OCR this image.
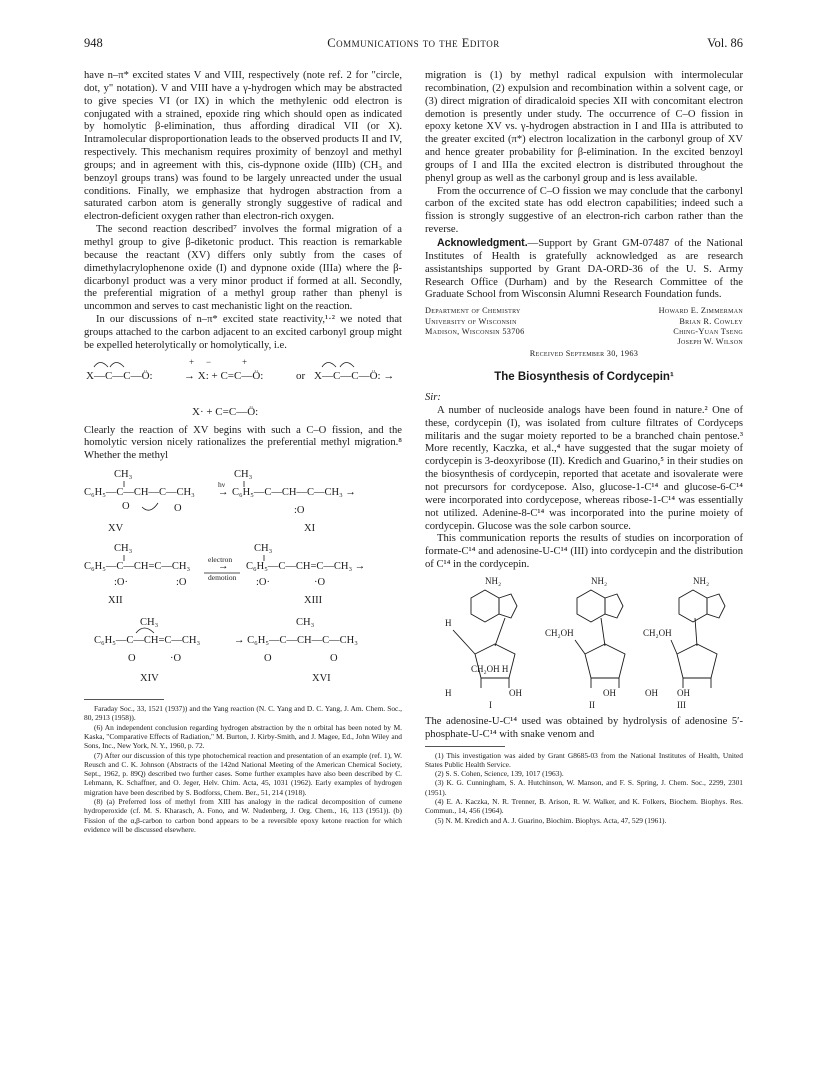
948	Communications to the Editor	Vol. 86

have n–π* excited states V and VIII, respectively (note ref. 2 for "circle, dot, y" notation). V and VIII have a γ-hydrogen which may be abstracted to give species VI (or IX) in which the methylenic odd electron is conjugated with a strained, epoxide ring which should open as indicated by homolytic β-elimination, thus affording diradical VII (or X). Intramolecular disproportionation leads to the observed products II and IV, respectively. This mechanism requires proximity of benzoyl and methyl groups; and in agreement with this, cis-dypnone oxide (IIIb) (CH₃ and benzoyl groups trans) was found to be largely unreacted under the usual conditions. Finally, we emphasize that hydrogen abstraction from a saturated carbon atom is generally strongly suggestive of radical and electron-deficient oxygen rather than electron-rich oxygen.

The second reaction described⁷ involves the formal migration of a methyl group to give β-diketonic product. This reaction is remarkable because the reactant (XV) differs only subtly from the cases of dimethylacrylophenone oxide (I) and dypnone oxide (IIIa) where the β-dicarbonyl product was a very minor product if formed at all. Secondly, the preferential migration of a methyl group rather than phenyl is uncommon and serves to cast mechanistic light on the reaction.

In our discussions of n–π* excited state reactivity,¹·² we noted that groups attached to the carbon adjacent to an excited carbonyl group might be expelled heterolytically or homolytically, i.e.

X—C—C—Ö:	→ X: + C=C—Ö:	or X—C—C—Ö: →
X· + C=C—Ö:
+ −	+

Clearly the reaction of XV begins with such a C–O fission, and the homolytic version nicely rationalizes the preferential methyl migration.⁸ Whether the methyl

CH₃
C₆H₅—C—CH—C—CH₃
O	O
→
CH₃
C₆H₅—C—CH—C—CH₃ →
:O
XV	XI
CH₃
C₆H₅—C—CH=C—CH₃
:O·	:O
→
CH₃
C₆H₅—C—CH=C—CH₃ →
:O·	·O
XII	XIII
CH₃
C₆H₅—C—CH=C—CH₃
O	·O
→ C₆H₅—C—CH—C—CH₃
CH₃
O	O
XIV	XVI
hν
electron
demotion

Faraday Soc., 33, 1521 (1937)) and the Yang reaction (N. C. Yang and D. C. Yang, J. Am. Chem. Soc., 80, 2913 (1958)).

(6) An independent conclusion regarding hydrogen abstraction by the n orbital has been noted by M. Kaska, "Comparative Effects of Radiation," M. Burton, J. Kirby-Smith, and J. Magee, Ed., John Wiley and Sons, Inc., New York, N. Y., 1960, p. 72.

(7) After our discussion of this type photochemical reaction and presentation of an example (ref. 1), W. Reusch and C. K. Johnson (Abstracts of the 142nd National Meeting of the American Chemical Society, Sept., 1962, p. 89Q) described two further cases. Some further examples have also been described by C. Lehmann, K. Schaffner, and O. Jeger, Helv. Chim. Acta, 45, 1031 (1962). Early examples of hydrogen migration have been described by S. Bodforss, Chem. Ber., 51, 214 (1918).

(8) (a) Preferred loss of methyl from XIII has analogy in the radical decomposition of cumene hydroperoxide (cf. M. S. Kharasch, A. Fono, and W. Nudenberg, J. Org. Chem., 16, 113 (1951)). (b) Fission of the α,β-carbon to carbon bond appears to be a reversible epoxy ketone reaction for which evidence will be discussed elsewhere.

migration is (1) by methyl radical expulsion with intermolecular recombination, (2) expulsion and recombination within a solvent cage, or (3) direct migration of diradicaloid species XII with concomitant electron demotion is presently under study. The occurrence of C–O fission in epoxy ketone XV vs. γ-hydrogen abstraction in I and IIIa is attributed to the greater excited (π*) electron localization in the carbonyl group of XV and hence greater probability for β-elimination. In the excited benzoyl groups of I and IIIa the excited electron is distributed throughout the phenyl group as well as the carbonyl group and is less available.

From the occurrence of C–O fission we may conclude that the carbonyl carbon of the excited state has odd electron capabilities; indeed such a fission is strongly suggestive of an electron-rich carbon rather than the reverse.

Acknowledgment.—Support by Grant GM-07487 of the National Institutes of Health is gratefully acknowledged as are research assistantships supported by Grant DA-ORD-36 of the U. S. Army Research Office (Durham) and by the Research Committee of the Graduate School from Wisconsin Alumni Research Foundation funds.

Department of Chemistry
University of Wisconsin
Madison, Wisconsin 53706
Howard E. Zimmerman
Brian R. Cowley
Ching-Yuan Tseng
Joseph W. Wilson
Received September 30, 1963
The Biosynthesis of Cordycepin¹

Sir:

A number of nucleoside analogs have been found in nature.² One of these, cordycepin (I), was isolated from culture filtrates of Cordyceps militaris and the sugar moiety reported to be a branched chain pentose.³ More recently, Kaczka, et al.,⁴ have suggested that the sugar moiety of cordycepin is 3-deoxyribose (II). Kredich and Guarino,⁵ in their studies on the biosynthesis of cordycepin, reported that acetate and isovalerate were not precursors for cordycepose. Also, glucose-1-C¹⁴ and glucose-6-C¹⁴ were incorporated into cordycepose, whereas ribose-1-C¹⁴ was essentially not utilized. Adenine-8-C¹⁴ was incorporated into the purine moiety of cordycepin. Glucose was the sole carbon source.

This communication reports the results of studies on incorporation of formate-C¹⁴ and adenosine-U-C¹⁴ (III) into cordycepin and the distribution of C¹⁴ in the cordycepin.

NH₂	NH₂	NH₂
CH₂OH	CH₂OH
OH	OH	OH OH
H
H
CH₂OH H
I	II	III

The adenosine-U-C¹⁴ used was obtained by hydrolysis of adenosine 5′-phosphate-U-C¹⁴ with snake venom and

(1) This investigation was aided by Grant G8685-03 from the National Institutes of Health, United States Public Health Service.

(2) S. S. Cohen, Science, 139, 1017 (1963).

(3) K. G. Cunningham, S. A. Hutchinson, W. Manson, and F. S. Spring, J. Chem. Soc., 2299, 2301 (1951).

(4) E. A. Kaczka, N. R. Trenner, B. Arison, R. W. Walker, and K. Folkers, Biochem. Biophys. Res. Commun., 14, 456 (1964).

(5) N. M. Kredich and A. J. Guarino, Biochim. Biophys. Acta, 47, 529 (1961).
